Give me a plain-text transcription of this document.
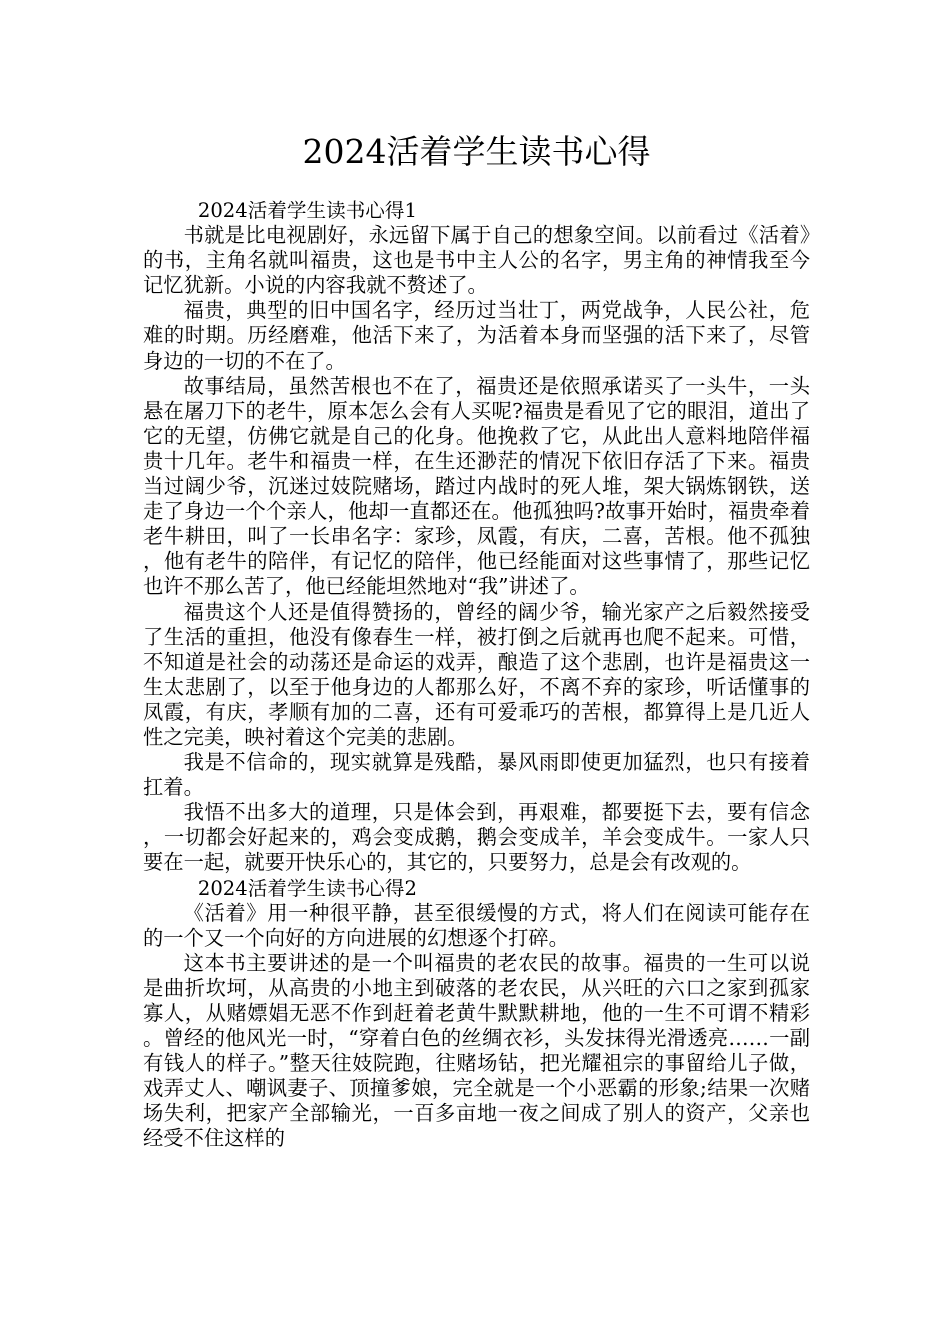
2024活着学生读书心得

2024活着学生读书心得1

书就是比电视剧好，永远留下属于自己的想象空间。以前看过《活着》的书，主角名就叫福贵，这也是书中主人公的名字，男主角的神情我至今记忆犹新。小说的内容我就不赘述了。

福贵，典型的旧中国名字，经历过当壮丁，两党战争，人民公社，危难的时期。历经磨难，他活下来了，为活着本身而坚强的活下来了，尽管身边的一切的不在了。

故事结局，虽然苦根也不在了，福贵还是依照承诺买了一头牛，一头悬在屠刀下的老牛，原本怎么会有人买呢?福贵是看见了它的眼泪，道出了它的无望，仿佛它就是自己的化身。他挽救了它，从此出人意料地陪伴福贵十几年。老牛和福贵一样，在生还渺茫的情况下依旧存活了下来。福贵当过阔少爷，沉迷过妓院赌场，踏过内战时的死人堆，架大锅炼钢铁，送走了身边一个个亲人，他却一直都还在。他孤独吗?故事开始时，福贵牵着老牛耕田，叫了一长串名字：家珍，凤霞，有庆，二喜，苦根。他不孤独，他有老牛的陪伴，有记忆的陪伴，他已经能面对这些事情了，那些记忆也许不那么苦了，他已经能坦然地对“我”讲述了。

福贵这个人还是值得赞扬的，曾经的阔少爷，输光家产之后毅然接受了生活的重担，他没有像春生一样，被打倒之后就再也爬不起来。可惜，不知道是社会的动荡还是命运的戏弄，酿造了这个悲剧，也许是福贵这一生太悲剧了，以至于他身边的人都那么好，不离不弃的家珍，听话懂事的凤霞，有庆，孝顺有加的二喜，还有可爱乖巧的苦根，都算得上是几近人性之完美，映衬着这个完美的悲剧。

我是不信命的，现实就算是残酷，暴风雨即使更加猛烈，也只有接着扛着。

我悟不出多大的道理，只是体会到，再艰难，都要挺下去，要有信念，一切都会好起来的，鸡会变成鹅，鹅会变成羊，羊会变成牛。一家人只要在一起，就要开快乐心的，其它的，只要努力，总是会有改观的。

2024活着学生读书心得2

《活着》用一种很平静，甚至很缓慢的方式，将人们在阅读可能存在的一个又一个向好的方向进展的幻想逐个打碎。

这本书主要讲述的是一个叫福贵的老农民的故事。福贵的一生可以说是曲折坎坷，从高贵的小地主到破落的老农民，从兴旺的六口之家到孤家寡人，从赌嫖娼无恶不作到赶着老黄牛默默耕地，他的一生不可谓不精彩。曾经的他风光一时，“穿着白色的丝绸衣衫，头发抹得光滑透亮……一副有钱人的样子。”整天往妓院跑，往赌场钻，把光耀祖宗的事留给儿子做，戏弄丈人、嘲讽妻子、顶撞爹娘，完全就是一个小恶霸的形象;结果一次赌场失利，把家产全部输光，一百多亩地一夜之间成了别人的资产，父亲也经受不住这样的
